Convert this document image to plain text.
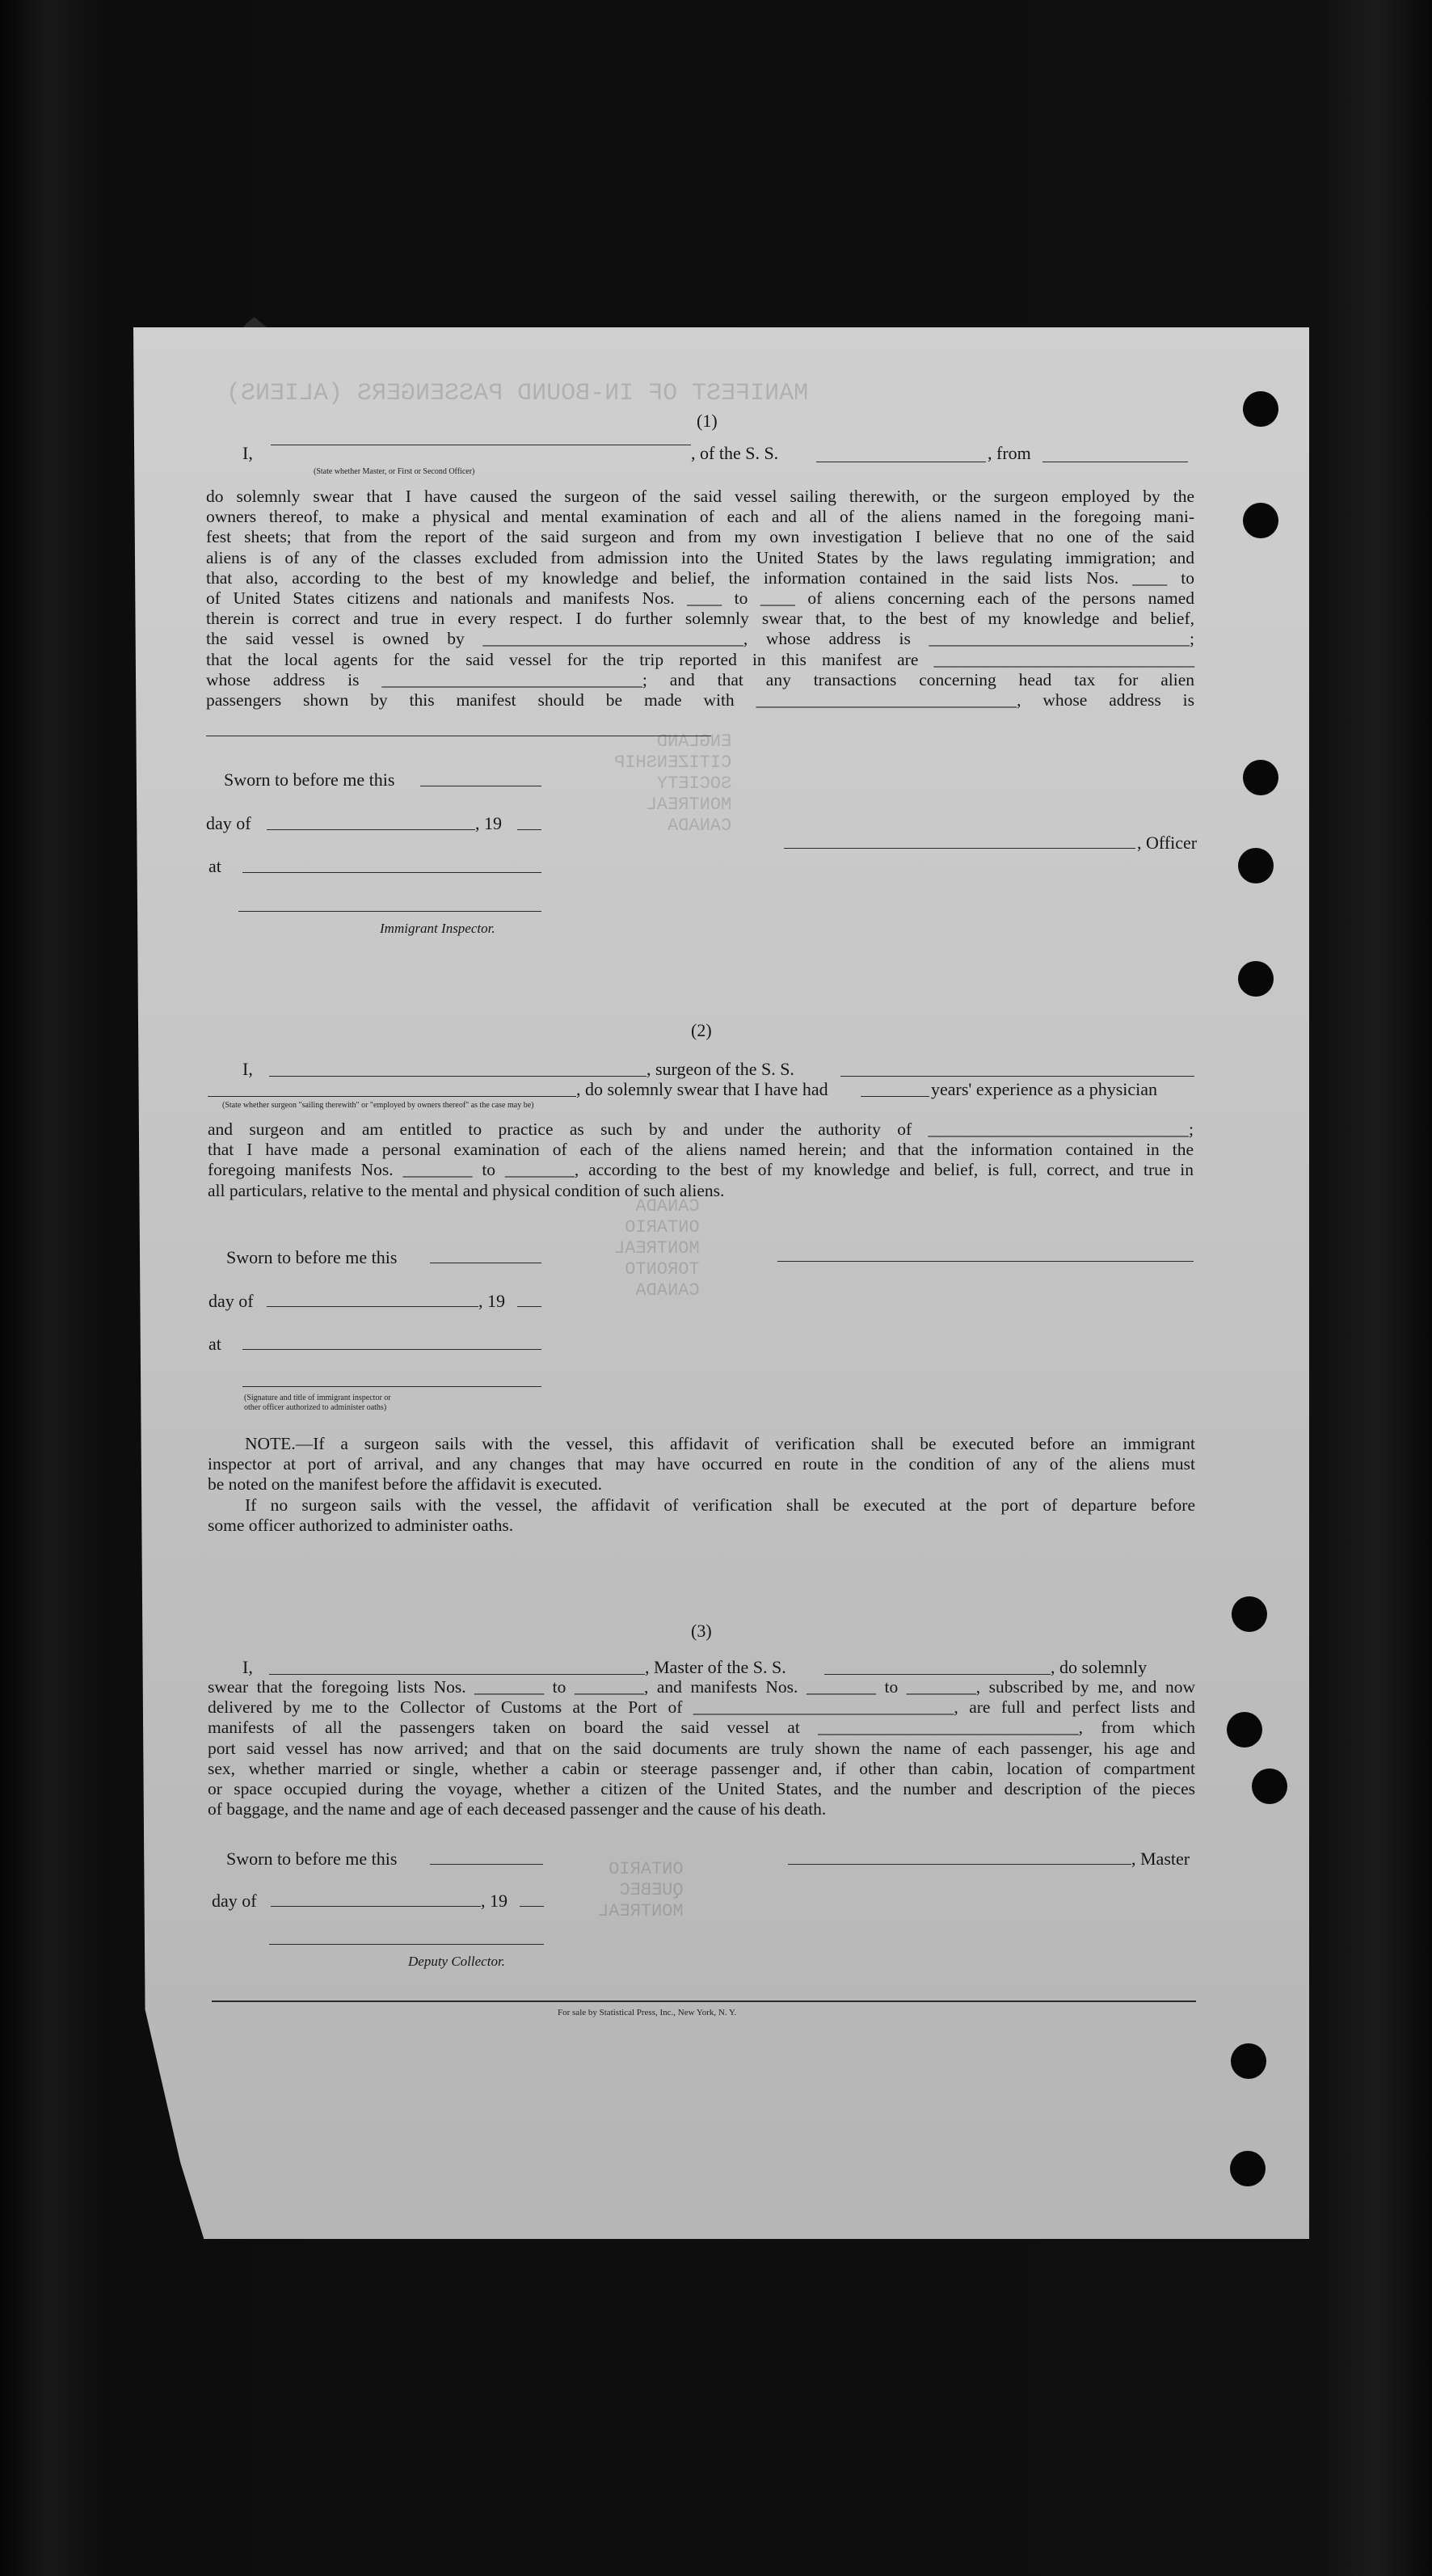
MANIFEST OF IN-BOUND PASSENGERS (ALIENS)
ENGLAND
CITIZENSHIP
SOCIETY
MONTREAL
CANADA
CANADA
ONTARIO
MONTREAL
TORONTO
CANADA
ONTARIO
QUEBEC
MONTREAL
(1)
I,	, of the S. S.	, from
(State whether Master, or First or Second Officer)
do solemnly swear that I have caused the surgeon of the said vessel sailing therewith, or the surgeon employed by the
owners thereof, to make a physical and mental examination of each and all of the aliens named in the foregoing mani-
fest sheets; that from the report of the said surgeon and from my own investigation I believe that no one of the said
aliens is of any of the classes excluded from admission into the United States by the laws regulating immigration; and
that also, according to the best of my knowledge and belief, the information contained in the said lists Nos. ____ to
of United States citizens and nationals and manifests Nos. ____ to ____ of aliens concerning each of the persons named
therein is correct and true in every respect. I do further solemnly swear that, to the best of my knowledge and belief,
the said vessel is owned by ______________________________, whose address is ______________________________;
that the local agents for the said vessel for the trip reported in this manifest are ______________________________
whose address is ______________________________; and that any transactions concerning head tax for alien
passengers shown by this manifest should be made with ______________________________, whose address is
Sworn to before me this
day of	, 19
at
Immigrant Inspector.
, Officer
(2)
I,	, surgeon of the S. S.
, do solemnly swear that I have had	years' experience as a physician
(State whether surgeon "sailing therewith" or "employed by owners thereof" as the case may be)
and surgeon and am entitled to practice as such by and under the authority of ______________________________;
that I have made a personal examination of each of the aliens named herein; and that the information contained in the
foregoing manifests Nos. ________ to ________, according to the best of my knowledge and belief, is full, correct, and true in
all particulars, relative to the mental and physical condition of such aliens.
Sworn to before me this
day of	, 19
at
(Signature and title of immigrant inspector or
other officer authorized to administer oaths)
NOTE.—If a surgeon sails with the vessel, this affidavit of verification shall be executed before an immigrant
inspector at port of arrival, and any changes that may have occurred en route in the condition of any of the aliens must
be noted on the manifest before the affidavit is executed.
If no surgeon sails with the vessel, the affidavit of verification shall be executed at the port of departure before
some officer authorized to administer oaths.
(3)
I,	, Master of the S. S.	, do solemnly
swear that the foregoing lists Nos. ________ to ________, and manifests Nos. ________ to ________, subscribed by me, and now
delivered by me to the Collector of Customs at the Port of ______________________________, are full and perfect lists and
manifests of all the passengers taken on board the said vessel at ______________________________, from which
port said vessel has now arrived; and that on the said documents are truly shown the name of each passenger, his age and
sex, whether married or single, whether a cabin or steerage passenger and, if other than cabin, location of compartment
or space occupied during the voyage, whether a citizen of the United States, and the number and description of the pieces
of baggage, and the name and age of each deceased passenger and the cause of his death.
Sworn to before me this
day of	, 19
Deputy Collector.
, Master
For sale by Statistical Press, Inc., New York, N. Y.
